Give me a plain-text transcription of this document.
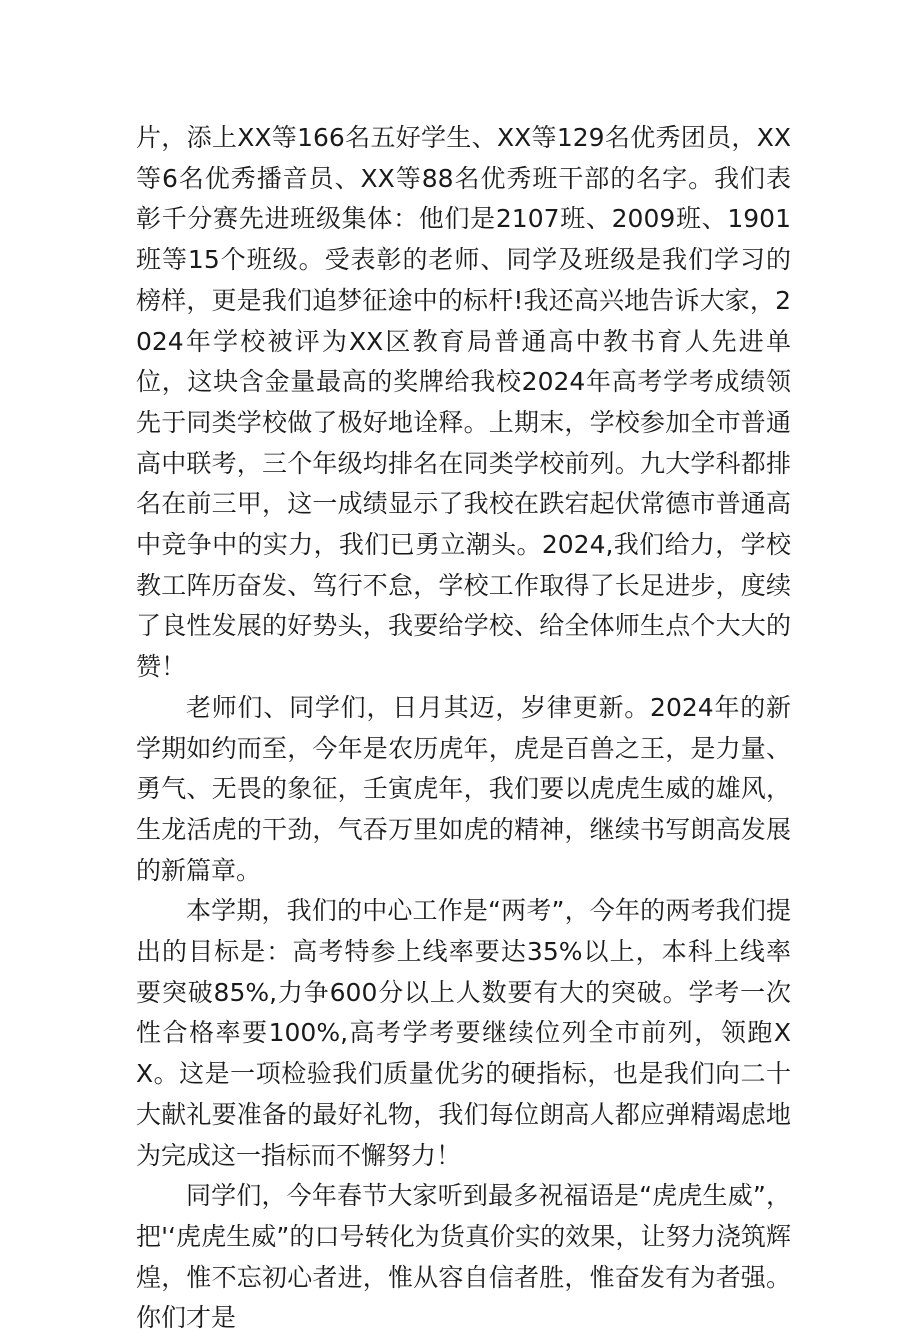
片，添上XX等166名五好学生、XX等129名优秀团员，XX等6名优秀播音员、XX等88名优秀班干部的名字。我们表彰千分赛先进班级集体：他们是2107班、2009班、1901班等15个班级。受表彰的老师、同学及班级是我们学习的榜样，更是我们追梦征途中的标杆!我还高兴地告诉大家，2024年学校被评为XX区教育局普通高中教书育人先进单位，这块含金量最高的奖牌给我校2024年高考学考成绩领先于同类学校做了极好地诠释。上期末，学校参加全市普通高中联考，三个年级均排名在同类学校前列。九大学科都排名在前三甲，这一成绩显示了我校在跌宕起伏常德市普通高中竞争中的实力，我们已勇立潮头。2024,我们给力，学校教工阵历奋发、笃行不怠，学校工作取得了长足进步，度续了良性发展的好势头，我要给学校、给全体师生点个大大的赞！

老师们、同学们，日月其迈，岁律更新。2024年的新学期如约而至，今年是农历虎年，虎是百兽之王，是力量、勇气、无畏的象征，壬寅虎年，我们要以虎虎生威的雄风，生龙活虎的干劲，气吞万里如虎的精神，继续书写朗高发展的新篇章。

本学期，我们的中心工作是“两考”，今年的两考我们提出的目标是：高考特参上线率要达35%以上，本科上线率要突破85%,力争600分以上人数要有大的突破。学考一次性合格率要100%,高考学考要继续位列全市前列，领跑XX。这是一项检验我们质量优劣的硬指标，也是我们向二十大献礼要准备的最好礼物，我们每位朗高人都应弹精竭虑地为完成这一指标而不懈努力！

同学们，今年春节大家听到最多祝福语是“虎虎生威”，把'‘虎虎生威”的口号转化为货真价实的效果，让努力浇筑辉煌，惟不忘初心者进，惟从容自信者胜，惟奋发有为者强。你们才是
